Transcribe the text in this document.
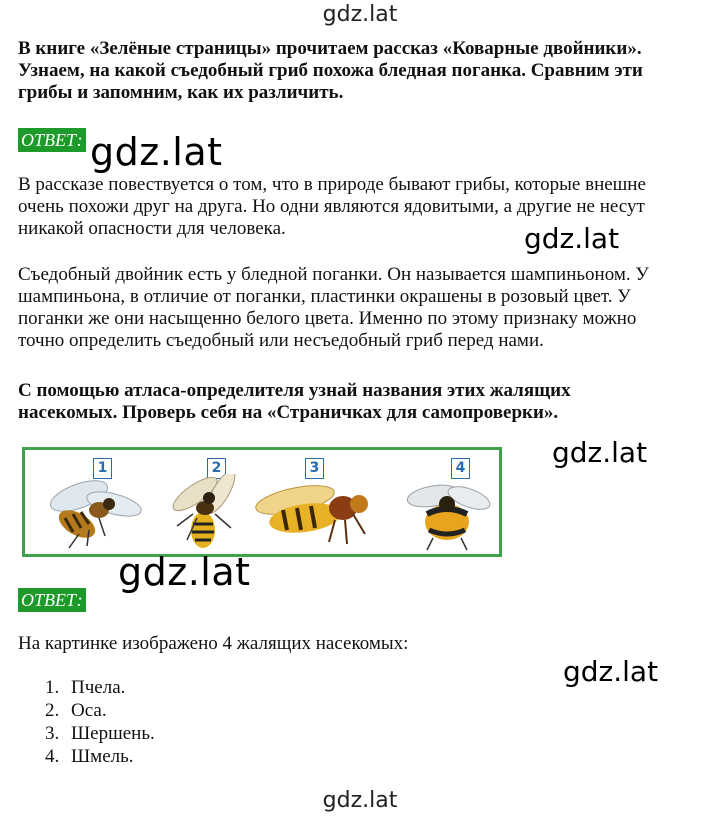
gdz.lat
В книге «Зелёные страницы» прочитаем рассказ «Коварные двойники».
Узнаем, на какой съедобный гриб похожа бледная поганка. Сравним эти
грибы и запомним, как их различить.
ОТВЕТ: gdz.lat
В рассказе повествуется о том, что в природе бывают грибы, которые внешне
очень похожи друг на друга. Но одни являются ядовитыми, а другие не несут
никакой опасности для человека.	gdz.lat
Съедобный двойник есть у бледной поганки. Он называется шампиньоном. У
шампиньона, в отличие от поганки, пластинки окрашены в розовый цвет. У
поганки же они насыщенно белого цвета. Именно по этому признаку можно
точно определить съедобный или несъедобный гриб перед нами.
С помощью атласа-определителя узнай названия этих жалящих
насекомых. Проверь себя на «Страничках для самопроверки».
1	2	3	4	gdz.lat
gdz.lat
ОТВЕТ:
На картинке изображено 4 жалящих насекомых:
gdz.lat
1. Пчела.
2. Оса.
3. Шершень.
4. Шмель.
gdz.lat
